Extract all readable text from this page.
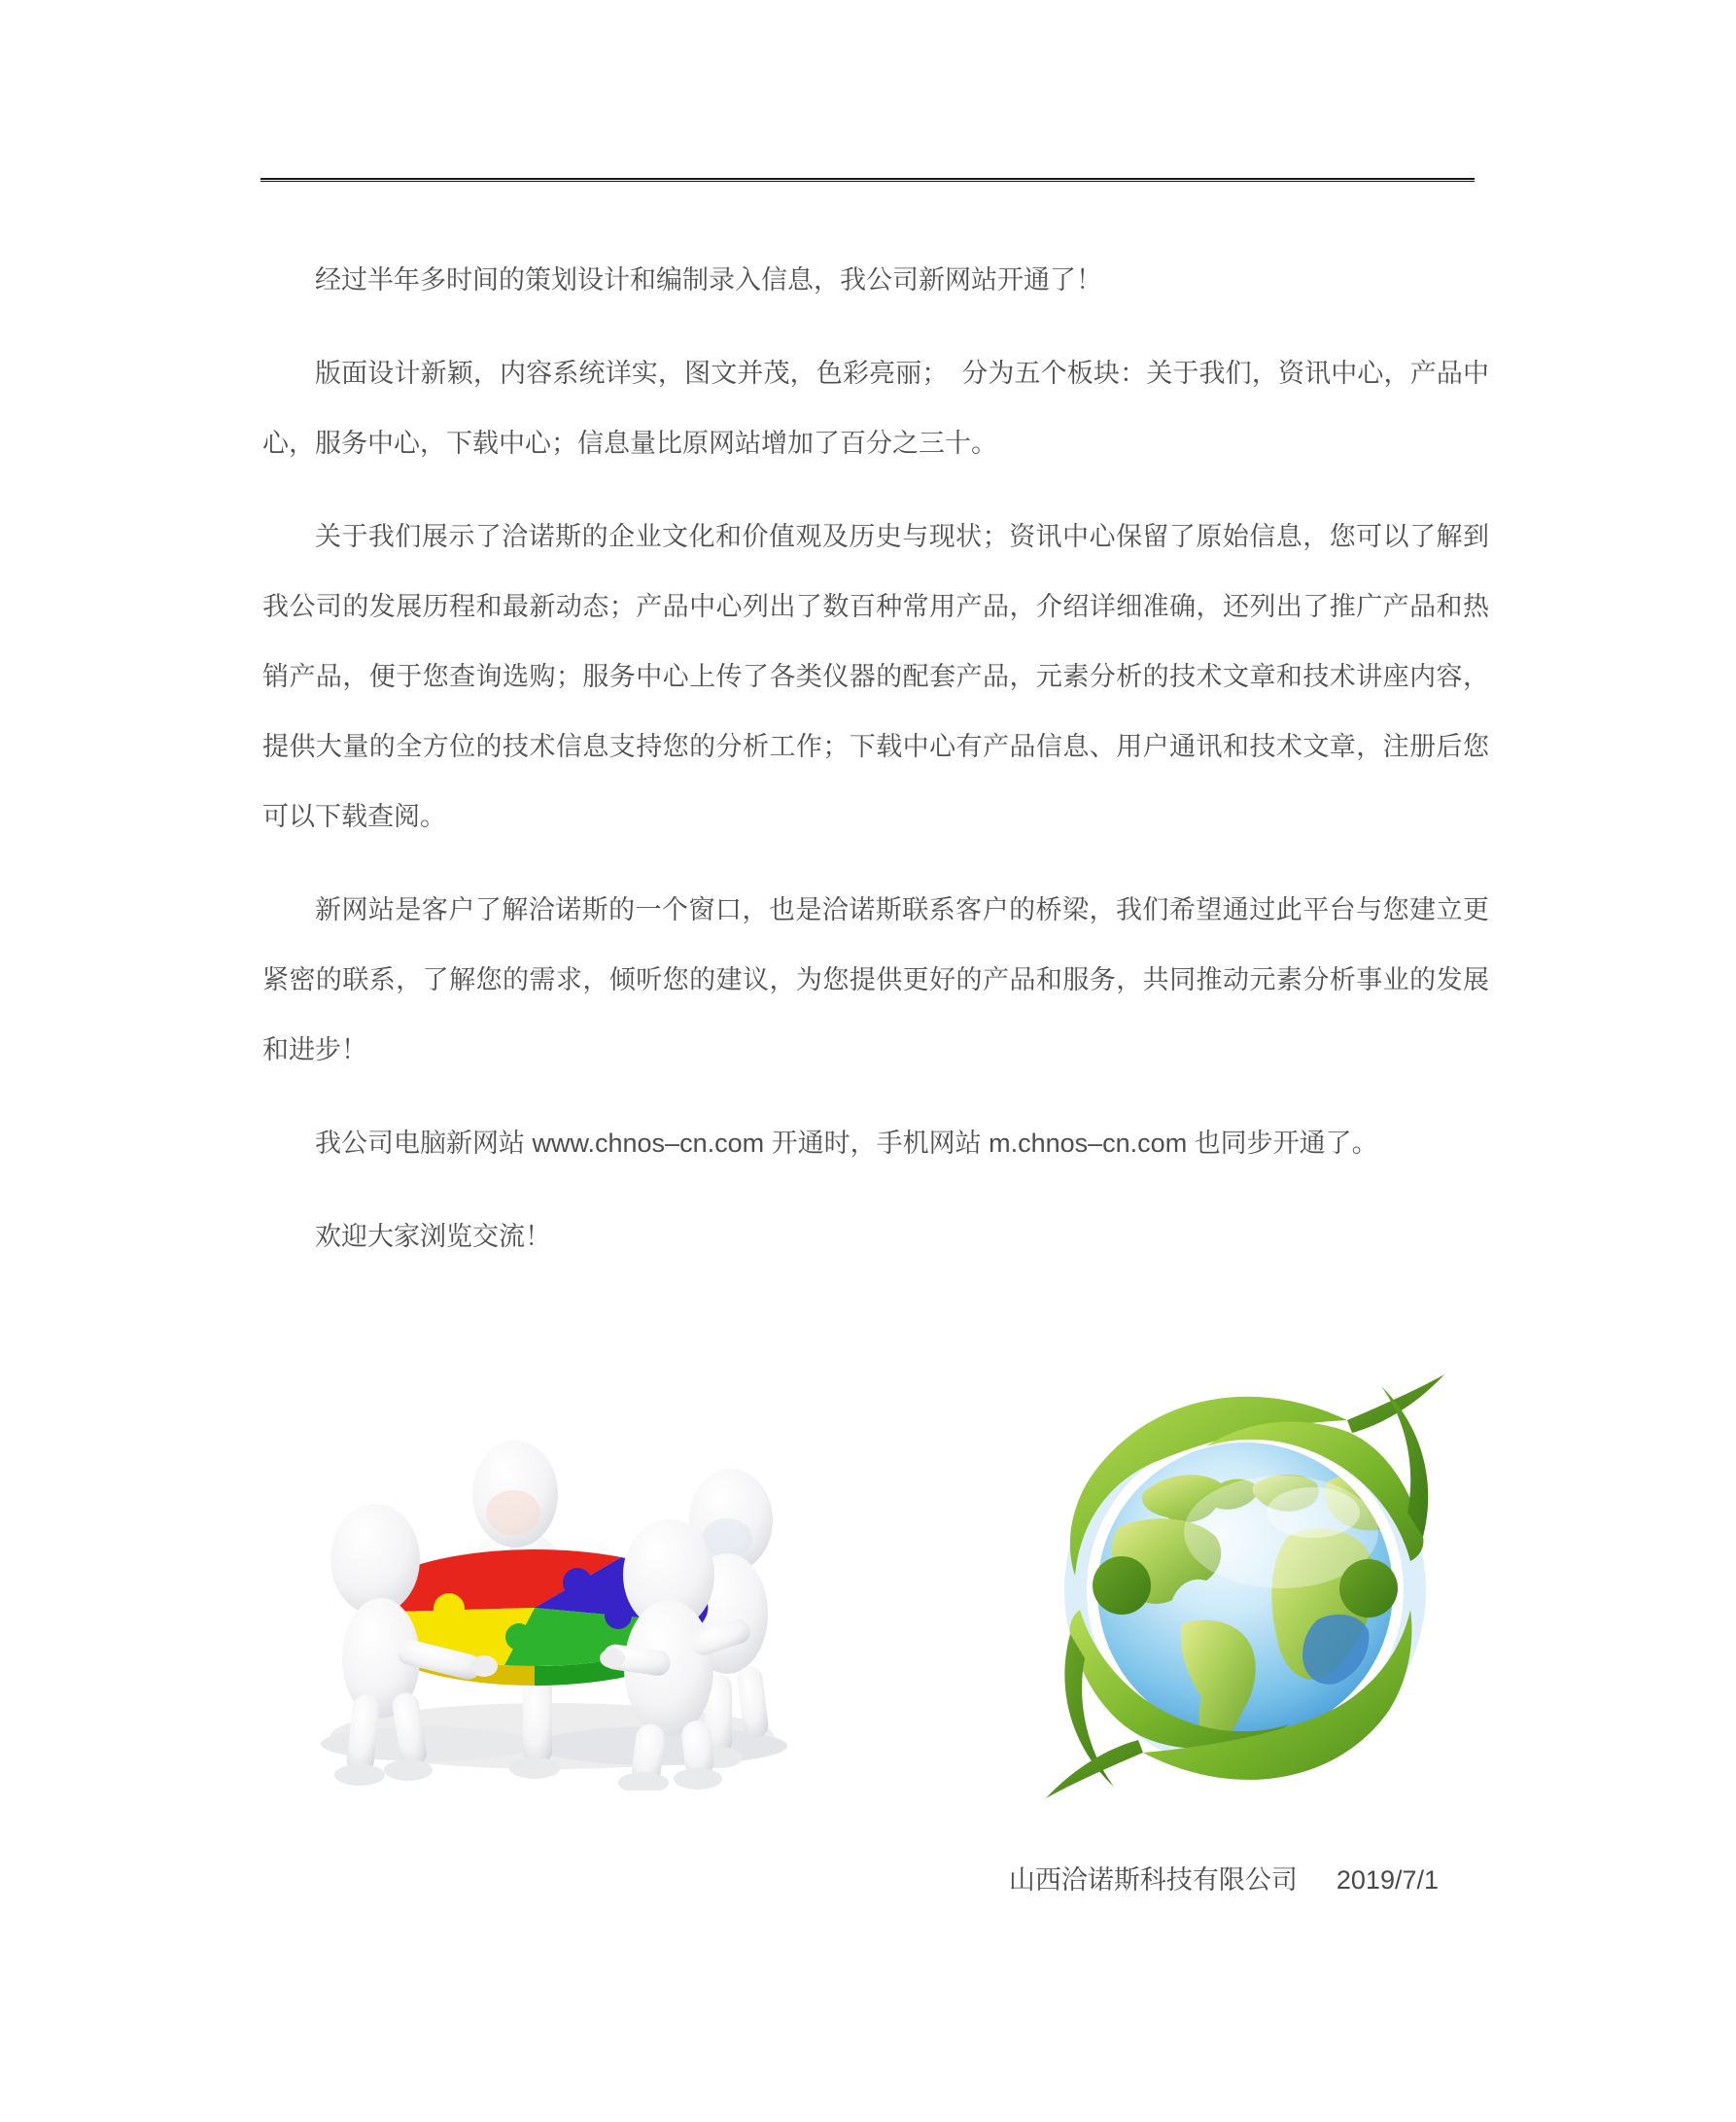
经过半年多时间的策划设计和编制录入信息，我公司新网站开通了！

版面设计新颖，内容系统详实，图文并茂，色彩亮丽；　分为五个板块：关于我们，资讯中心，产品中心，服务中心，下载中心；信息量比原网站增加了百分之三十。

关于我们展示了洽诺斯的企业文化和价值观及历史与现状；资讯中心保留了原始信息，您可以了解到我公司的发展历程和最新动态；产品中心列出了数百种常用产品，介绍详细准确，还列出了推广产品和热销产品，便于您查询选购；服务中心上传了各类仪器的配套产品，元素分析的技术文章和技术讲座内容，提供大量的全方位的技术信息支持您的分析工作；下载中心有产品信息、用户通讯和技术文章，注册后您可以下载查阅。

新网站是客户了解洽诺斯的一个窗口，也是洽诺斯联系客户的桥梁，我们希望通过此平台与您建立更紧密的联系，了解您的需求，倾听您的建议，为您提供更好的产品和服务，共同推动元素分析事业的发展和进步！

我公司电脑新网站 www.chnos–cn.com 开通时，手机网站 m.chnos–cn.com 也同步开通了。

欢迎大家浏览交流！

山西洽诺斯科技有限公司 2019/7/1
